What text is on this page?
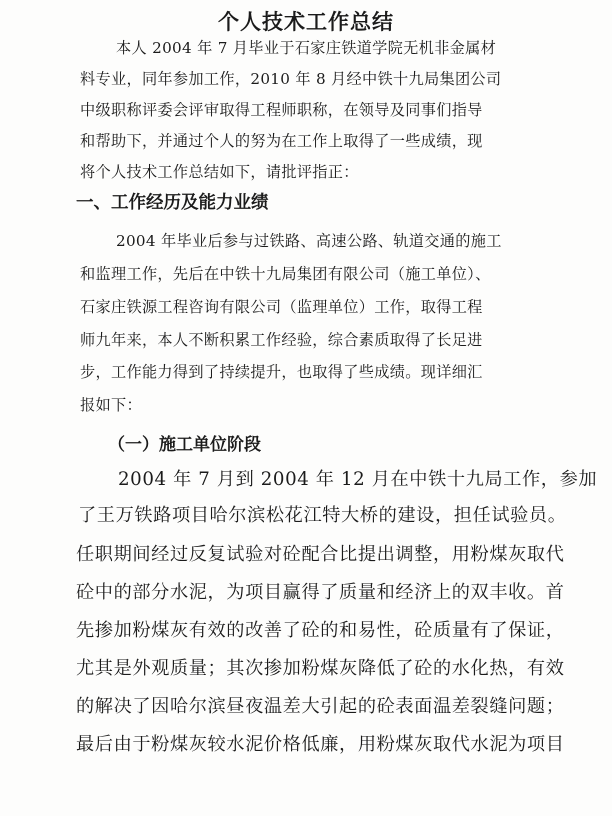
个人技术工作总结
本人 2004 年 7 月毕业于石家庄铁道学院无机非金属材
料专业，同年参加工作，2010 年 8 月经中铁十九局集团公司
中级职称评委会评审取得工程师职称，在领导及同事们指导
和帮助下，并通过个人的努为在工作上取得了一些成绩，现
将个人技术工作总结如下，请批评指正：
一、工作经历及能力业绩
2004 年毕业后参与过铁路、高速公路、轨道交通的施工
和监理工作，先后在中铁十九局集团有限公司（施工单位）、
石家庄铁源工程咨询有限公司（监理单位）工作，取得工程
师九年来，本人不断积累工作经验，综合素质取得了长足进
步，工作能力得到了持续提升，也取得了些成绩。现详细汇
报如下：
（一）施工单位阶段
2004 年 7 月到 2004 年 12 月在中铁十九局工作，参加
了王万铁路项目哈尔滨松花江特大桥的建设，担任试验员。
任职期间经过反复试验对砼配合比提出调整，用粉煤灰取代
砼中的部分水泥，为项目赢得了质量和经济上的双丰收。首
先掺加粉煤灰有效的改善了砼的和易性，砼质量有了保证，
尤其是外观质量；其次掺加粉煤灰降低了砼的水化热，有效
的解决了因哈尔滨昼夜温差大引起的砼表面温差裂缝问题；
最后由于粉煤灰较水泥价格低廉，用粉煤灰取代水泥为项目
